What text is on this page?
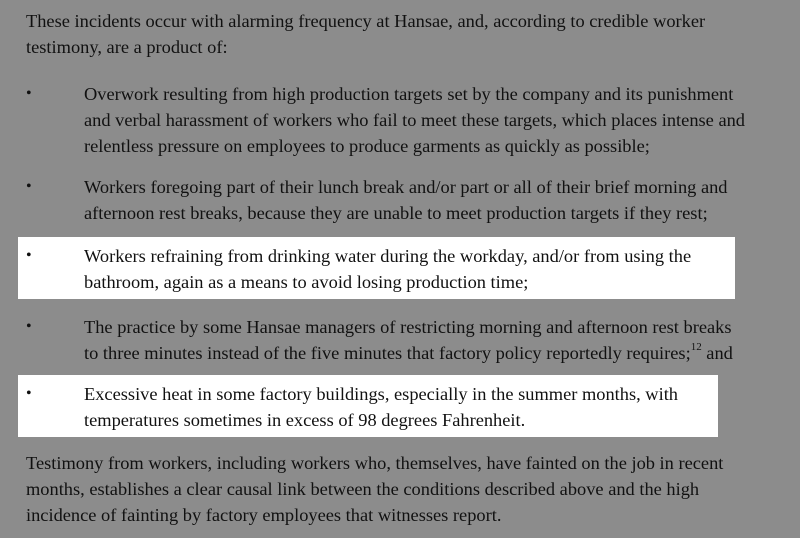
These incidents occur with alarming frequency at Hansae, and, according to credible worker
testimony, are a product of:

•	Overwork resulting from high production targets set by the company and its punishment
and verbal harassment of workers who fail to meet these targets, which places intense and
relentless pressure on employees to produce garments as quickly as possible;
•	Workers foregoing part of their lunch break and/or part or all of their brief morning and
afternoon rest breaks, because they are unable to meet production targets if they rest;
•	Workers refraining from drinking water during the workday, and/or from using the
bathroom, again as a means to avoid losing production time;
•	The practice by some Hansae managers of restricting morning and afternoon rest breaks
to three minutes instead of the five minutes that factory policy reportedly requires;$^{12}$ and
•	Excessive heat in some factory buildings, especially in the summer months, with
temperatures sometimes in excess of 98 degrees Fahrenheit.

Testimony from workers, including workers who, themselves, have fainted on the job in recent
months, establishes a clear causal link between the conditions described above and the high
incidence of fainting by factory employees that witnesses report.
